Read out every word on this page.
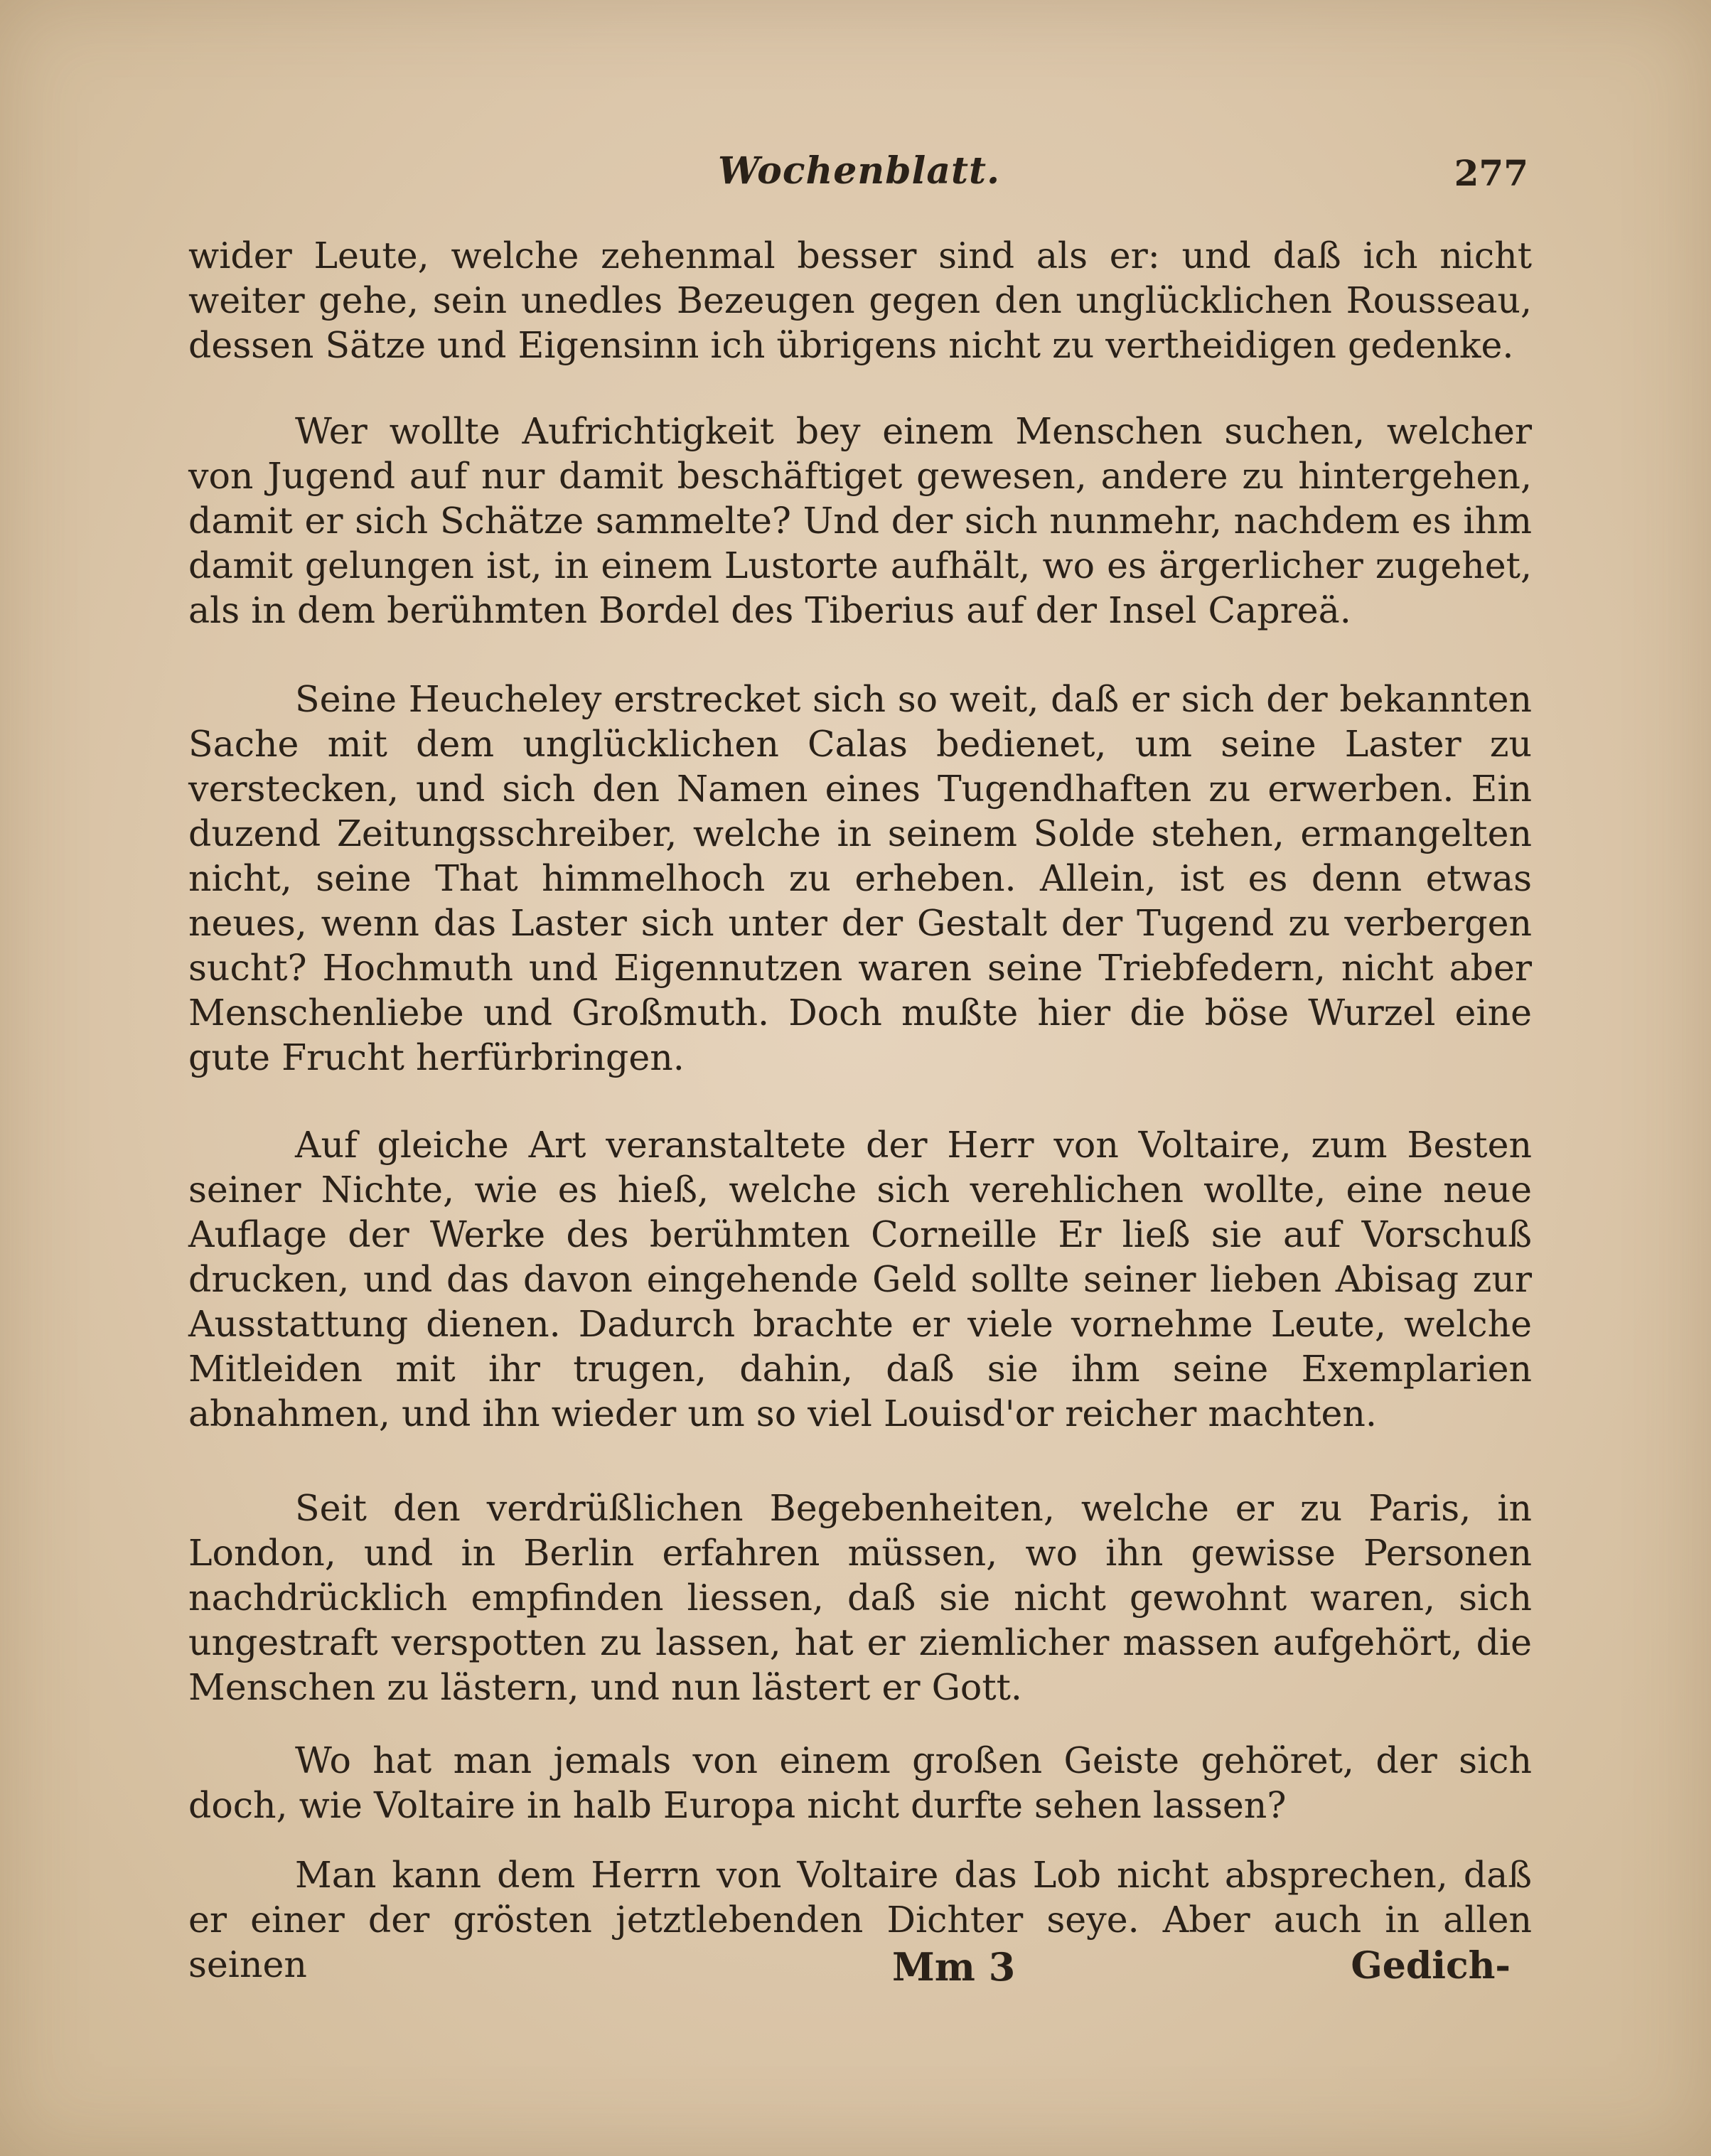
Wochenblatt.	277

wider Leute, welche zehenmal besser sind als er: und daß ich nicht weiter gehe, sein unedles Bezeugen gegen den unglücklichen Rousseau, dessen Sätze und Eigensinn ich übrigens nicht zu vertheidigen gedenke.

Wer wollte Aufrichtigkeit bey einem Menschen suchen, welcher von Jugend auf nur damit beschäftiget gewesen, andere zu hintergehen, damit er sich Schätze sammelte? Und der sich nunmehr, nachdem es ihm damit gelungen ist, in einem Lustorte aufhält, wo es ärgerlicher zugehet, als in dem berühmten Bordel des Tiberius auf der Insel Capreä.

Seine Heucheley erstrecket sich so weit, daß er sich der bekannten Sache mit dem unglücklichen Calas bedienet, um seine Laster zu verstecken, und sich den Namen eines Tugendhaften zu erwerben. Ein duzend Zeitungsschreiber, welche in seinem Solde stehen, ermangelten nicht, seine That himmelhoch zu erheben. Allein, ist es denn etwas neues, wenn das Laster sich unter der Gestalt der Tugend zu verbergen sucht? Hochmuth und Eigennutzen waren seine Triebfedern, nicht aber Menschenliebe und Großmuth. Doch mußte hier die böse Wurzel eine gute Frucht herfürbringen.

Auf gleiche Art veranstaltete der Herr von Voltaire, zum Besten seiner Nichte, wie es hieß, welche sich verehlichen wollte, eine neue Auflage der Werke des berühmten Corneille Er ließ sie auf Vorschuß drucken, und das davon eingehende Geld sollte seiner lieben Abisag zur Ausstattung dienen. Dadurch brachte er viele vornehme Leute, welche Mitleiden mit ihr trugen, dahin, daß sie ihm seine Exemplarien abnahmen, und ihn wieder um so viel Louisd'or reicher machten.

Seit den verdrüßlichen Begebenheiten, welche er zu Paris, in London, und in Berlin erfahren müssen, wo ihn gewisse Personen nachdrücklich empfinden liessen, daß sie nicht gewohnt waren, sich ungestraft verspotten zu lassen, hat er ziemlicher massen aufgehört, die Menschen zu lästern, und nun lästert er Gott.

Wo hat man jemals von einem großen Geiste gehöret, der sich doch, wie Voltaire in halb Europa nicht durfte sehen lassen?

Man kann dem Herrn von Voltaire das Lob nicht absprechen, daß er einer der grösten jetztlebenden Dichter seye. Aber auch in allen seinen	Mm 3	Gedich-
